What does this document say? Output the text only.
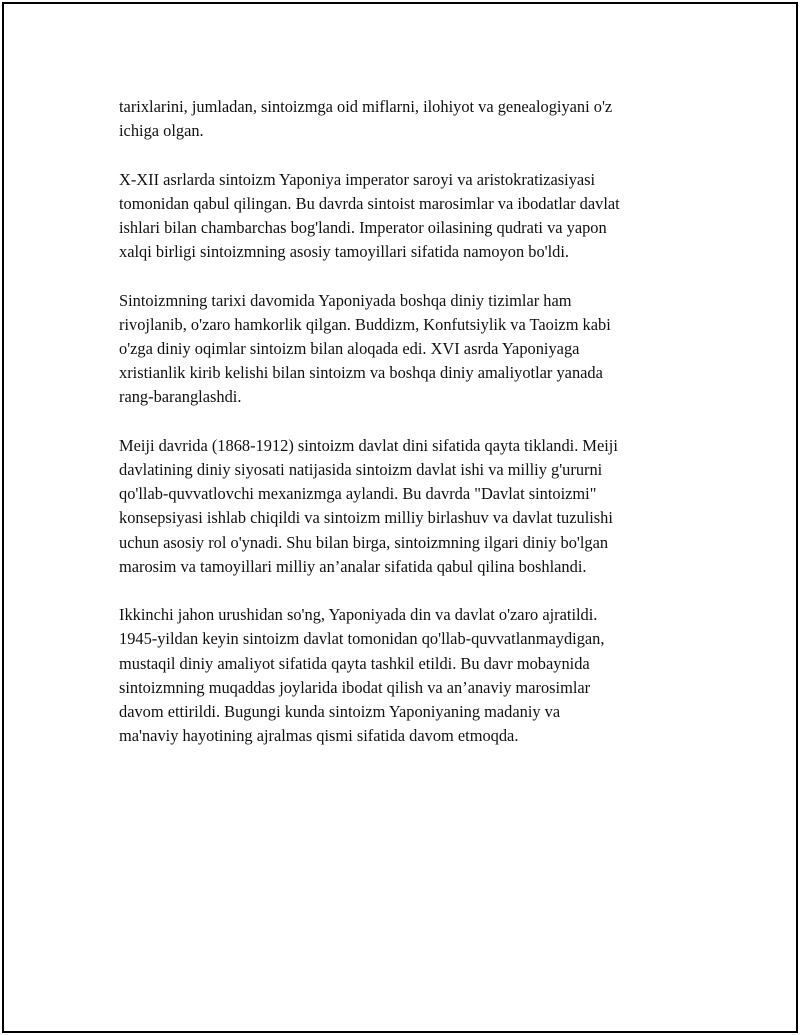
tarixlarini, jumladan, sintoizmga oid miflarni, ilohiyot va genealogiyani o'z
ichiga olgan.

X-XII asrlarda sintoizm Yaponiya imperator saroyi va aristokratizasiyasi
tomonidan qabul qilingan. Bu davrda sintoist marosimlar va ibodatlar davlat
ishlari bilan chambarchas bog'landi. Imperator oilasining qudrati va yapon
xalqi birligi sintoizmning asosiy tamoyillari sifatida namoyon bo'ldi.

Sintoizmning tarixi davomida Yaponiyada boshqa diniy tizimlar ham
rivojlanib, o'zaro hamkorlik qilgan. Buddizm, Konfutsiylik va Taoizm kabi
o'zga diniy oqimlar sintoizm bilan aloqada edi. XVI asrda Yaponiyaga
xristianlik kirib kelishi bilan sintoizm va boshqa diniy amaliyotlar yanada
rang-baranglashdi.

Meiji davrida (1868-1912) sintoizm davlat dini sifatida qayta tiklandi. Meiji
davlatining diniy siyosati natijasida sintoizm davlat ishi va milliy g'ururni
qo'llab-quvvatlovchi mexanizmga aylandi. Bu davrda "Davlat sintoizmi"
konsepsiyasi ishlab chiqildi va sintoizm milliy birlashuv va davlat tuzulishi
uchun asosiy rol o'ynadi. Shu bilan birga, sintoizmning ilgari diniy bo'lgan
marosim va tamoyillari milliy an’analar sifatida qabul qilina boshlandi.

Ikkinchi jahon urushidan so'ng, Yaponiyada din va davlat o'zaro ajratildi.
1945-yildan keyin sintoizm davlat tomonidan qo'llab-quvvatlanmaydigan,
mustaqil diniy amaliyot sifatida qayta tashkil etildi. Bu davr mobaynida
sintoizmning muqaddas joylarida ibodat qilish va an’anaviy marosimlar
davom ettirildi. Bugungi kunda sintoizm Yaponiyaning madaniy va
ma'naviy hayotining ajralmas qismi sifatida davom etmoqda.
